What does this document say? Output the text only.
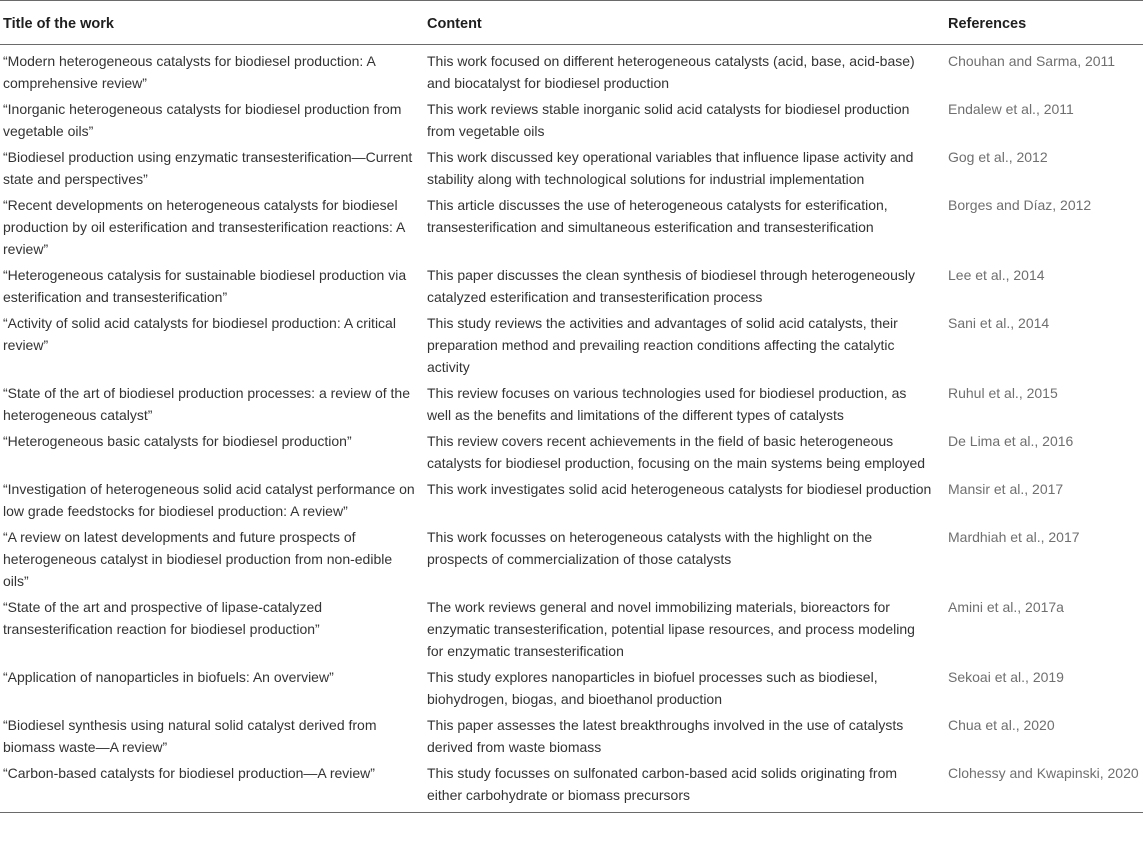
Title of the work	Content	References
“Modern heterogeneous catalysts for biodiesel production: A comprehensive review”	This work focused on different heterogeneous catalysts (acid, base, acid-base) and biocatalyst for biodiesel production	Chouhan and Sarma, 2011
“Inorganic heterogeneous catalysts for biodiesel production from vegetable oils”	This work reviews stable inorganic solid acid catalysts for biodiesel production from vegetable oils	Endalew et al., 2011
“Biodiesel production using enzymatic transesterification—Current state and perspectives”	This work discussed key operational variables that influence lipase activity and stability along with technological solutions for industrial implementation	Gog et al., 2012
“Recent developments on heterogeneous catalysts for biodiesel production by oil esterification and transesterification reactions: A review”	This article discusses the use of heterogeneous catalysts for esterification, transesterification and simultaneous esterification and transesterification	Borges and Díaz, 2012
“Heterogeneous catalysis for sustainable biodiesel production via esterification and transesterification”	This paper discusses the clean synthesis of biodiesel through heterogeneously catalyzed esterification and transesterification process	Lee et al., 2014
“Activity of solid acid catalysts for biodiesel production: A critical review”	This study reviews the activities and advantages of solid acid catalysts, their preparation method and prevailing reaction conditions affecting the catalytic activity	Sani et al., 2014
“State of the art of biodiesel production processes: a review of the heterogeneous catalyst”	This review focuses on various technologies used for biodiesel production, as well as the benefits and limitations of the different types of catalysts	Ruhul et al., 2015
“Heterogeneous basic catalysts for biodiesel production”	This review covers recent achievements in the field of basic heterogeneous catalysts for biodiesel production, focusing on the main systems being employed	De Lima et al., 2016
“Investigation of heterogeneous solid acid catalyst performance on low grade feedstocks for biodiesel production: A review”	This work investigates solid acid heterogeneous catalysts for biodiesel production	Mansir et al., 2017
“A review on latest developments and future prospects of heterogeneous catalyst in biodiesel production from non-edible oils”	This work focusses on heterogeneous catalysts with the highlight on the prospects of commercialization of those catalysts	Mardhiah et al., 2017
“State of the art and prospective of lipase-catalyzed transesterification reaction for biodiesel production”	The work reviews general and novel immobilizing materials, bioreactors for enzymatic transesterification, potential lipase resources, and process modeling for enzymatic transesterification	Amini et al., 2017a
“Application of nanoparticles in biofuels: An overview”	This study explores nanoparticles in biofuel processes such as biodiesel, biohydrogen, biogas, and bioethanol production	Sekoai et al., 2019
“Biodiesel synthesis using natural solid catalyst derived from biomass waste—A review”	This paper assesses the latest breakthroughs involved in the use of catalysts derived from waste biomass	Chua et al., 2020
“Carbon-based catalysts for biodiesel production—A review”	This study focusses on sulfonated carbon-based acid solids originating from either carbohydrate or biomass precursors	Clohessy and Kwapinski, 2020
